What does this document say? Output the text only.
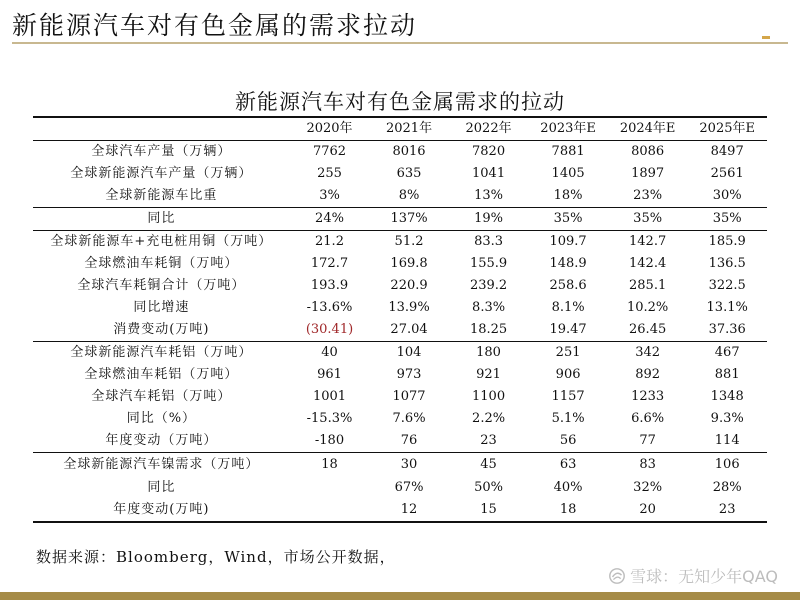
新能源汽车对有色金属的需求拉动
新能源汽车对有色金属需求的拉动
	2020年	2021年	2022年	2023年E	2024年E	2025年E
全球汽车产量（万辆）	7762	8016	7820	7881	8086	8497
全球新能源汽车产量（万辆）	255	635	1041	1405	1897	2561
全球新能源车比重	3%	8%	13%	18%	23%	30%
同比	24%	137%	19%	35%	35%	35%
全球新能源车+充电桩用铜（万吨）	21.2	51.2	83.3	109.7	142.7	185.9
全球燃油车耗铜（万吨）	172.7	169.8	155.9	148.9	142.4	136.5
全球汽车耗铜合计（万吨）	193.9	220.9	239.2	258.6	285.1	322.5
同比增速	-13.6%	13.9%	8.3%	8.1%	10.2%	13.1%
消费变动(万吨)	(30.41)	27.04	18.25	19.47	26.45	37.36
全球新能源汽车耗铝（万吨）	40	104	180	251	342	467
全球燃油车耗铝（万吨）	961	973	921	906	892	881
全球汽车耗铝（万吨）	1001	1077	1100	1157	1233	1348
同比（%）	-15.3%	7.6%	2.2%	5.1%	6.6%	9.3%
年度变动（万吨）	-180	76	23	56	77	114
全球新能源汽车镍需求（万吨）	18	30	45	63	83	106
同比		67%	50%	40%	32%	28%
年度变动(万吨)		12	15	18	20	23
数据来源：Bloomberg，Wind，市场公开数据，
雪球：无知少年QAQ
